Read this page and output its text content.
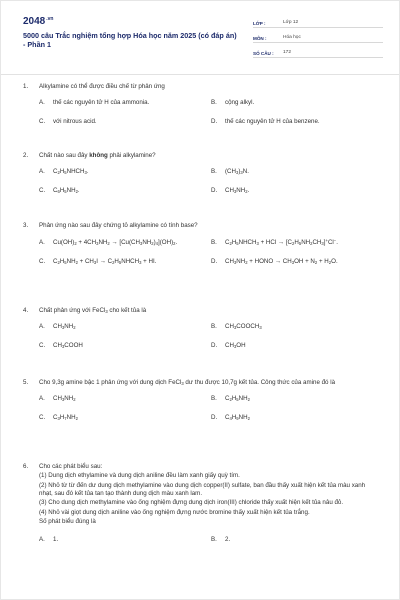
$2048^{.vn}$
5000 câu Trắc nghiệm tổng hợp Hóa học năm 2025 (có đáp án) - Phần 1
LỚP :	Lớp 12
MÔN :	Hóa học
SỐ CÂU :	172
1.	Alkylamine có thể được điều chế từ phản ứng
A.	thế các nguyên tử H của ammonia.	B.	cộng alkyl.
C.	với nitrous acid.	D.	thế các nguyên tử H của benzene.
2.	Chất nào sau đây không phải alkylamine?
A.	$C_2H_5NHCH_3$.	B.	$(CH_3)_3N$.
C.	$C_6H_5NH_2$.	D.	$CH_3NH_2$.
3.	Phản ứng nào sau đây chứng tỏ alkylamine có tính base?
A.	$Cu(OH)_2 + 4CH_3NH_2 \to [Cu(CH_3NH_2)_4](OH)_2$.	B.	$C_2H_5NHCH_3$ + HCl → $[C_2H_5NH_2CH_3]^+Cl^-$.
C.	$C_2H_5NH_2 + CH_3I$ → $C_2H_5NHCH_3$ + HI.	D.	$CH_3NH_2$ + HONO → $CH_3OH + N_2 + H_2O$.
4.	Chất phản ứng với FeCl$_3$ cho kết tủa là
A.	$CH_3NH_2$	B.	$CH_3COOCH_3$
C.	$CH_3COOH$	D.	$CH_3OH$
5.	Cho 9,3g amine bậc 1 phản ứng với dung dịch FeCl$_3$ dư thu được 10,7g kết tủa. Công thức của amine đó là
A.	$CH_3NH_2$	B.	$C_2H_5NH_2$
C.	$C_3H_7NH_2$	D.	$C_4H_9NH_2$
6.	Cho các phát biểu sau:

(1) Dung dịch ethylamine và dung dịch aniline đều làm xanh giấy quỳ tím.

(2) Nhỏ từ từ đến dư dung dịch methylamine vào dung dịch copper(II) sulfate, ban đầu thấy xuất hiện kết tủa màu xanh nhạt, sau đó kết tủa tan tạo thành dung dịch màu xanh lam.

(3) Cho dung dịch methylamine vào ống nghiệm đựng dung dịch iron(III) chloride thấy xuất hiện kết tủa nâu đỏ.

(4) Nhỏ vài giọt dung dịch aniline vào ống nghiệm đựng nước bromine thấy xuất hiện kết tủa trắng.

Số phát biểu đúng là

A.	1.	B.	2.
